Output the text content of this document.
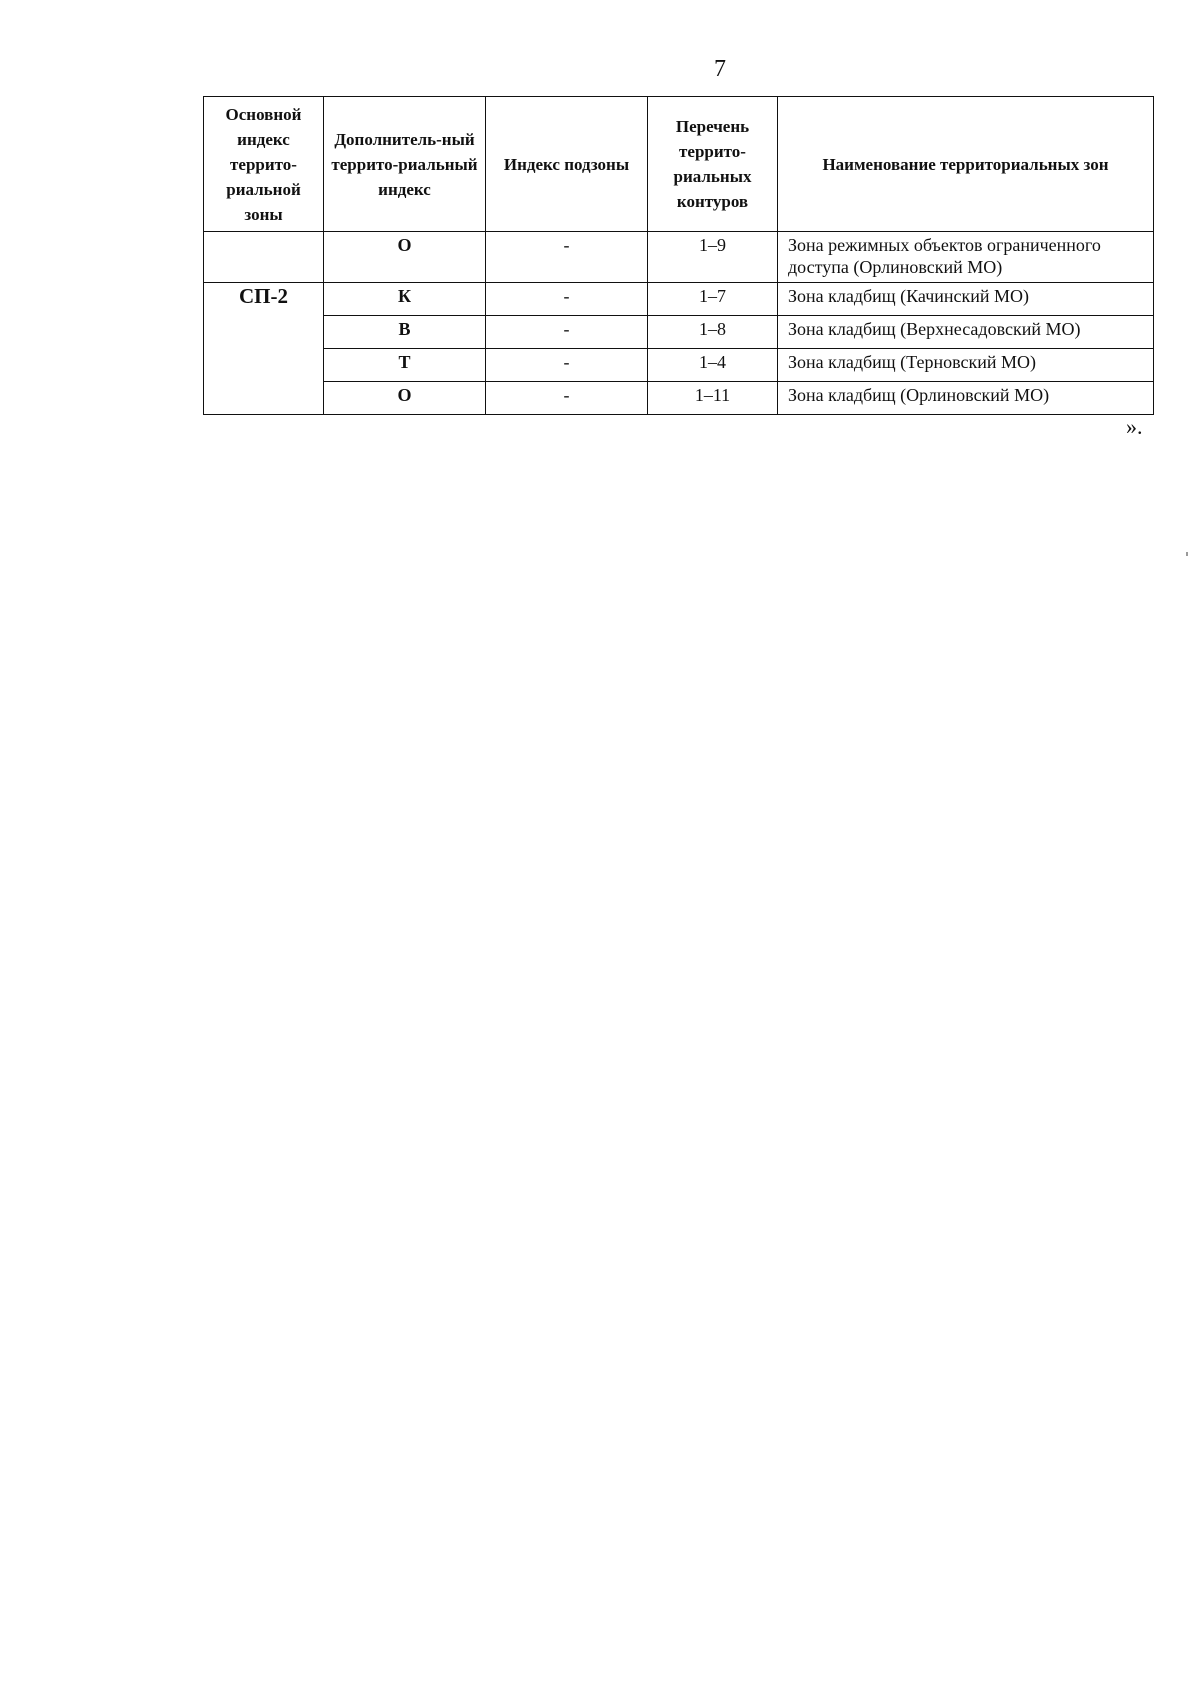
7
Основной индекс террито-риальной зоны	Дополнитель-ный террито-риальный индекс	Индекс подзоны	Перечень террито-риальных контуров	Наименование территориальных зон
	О	-	1–9	Зона режимных объектов ограниченного доступа (Орлиновский МО)
СП-2	К	-	1–7	Зона кладбищ (Качинский МО)
	В	-	1–8	Зона кладбищ (Верхнесадовский МО)
	Т	-	1–4	Зона кладбищ (Терновский МО)
	О	-	1–11	Зона кладбищ (Орлиновский МО)
».
